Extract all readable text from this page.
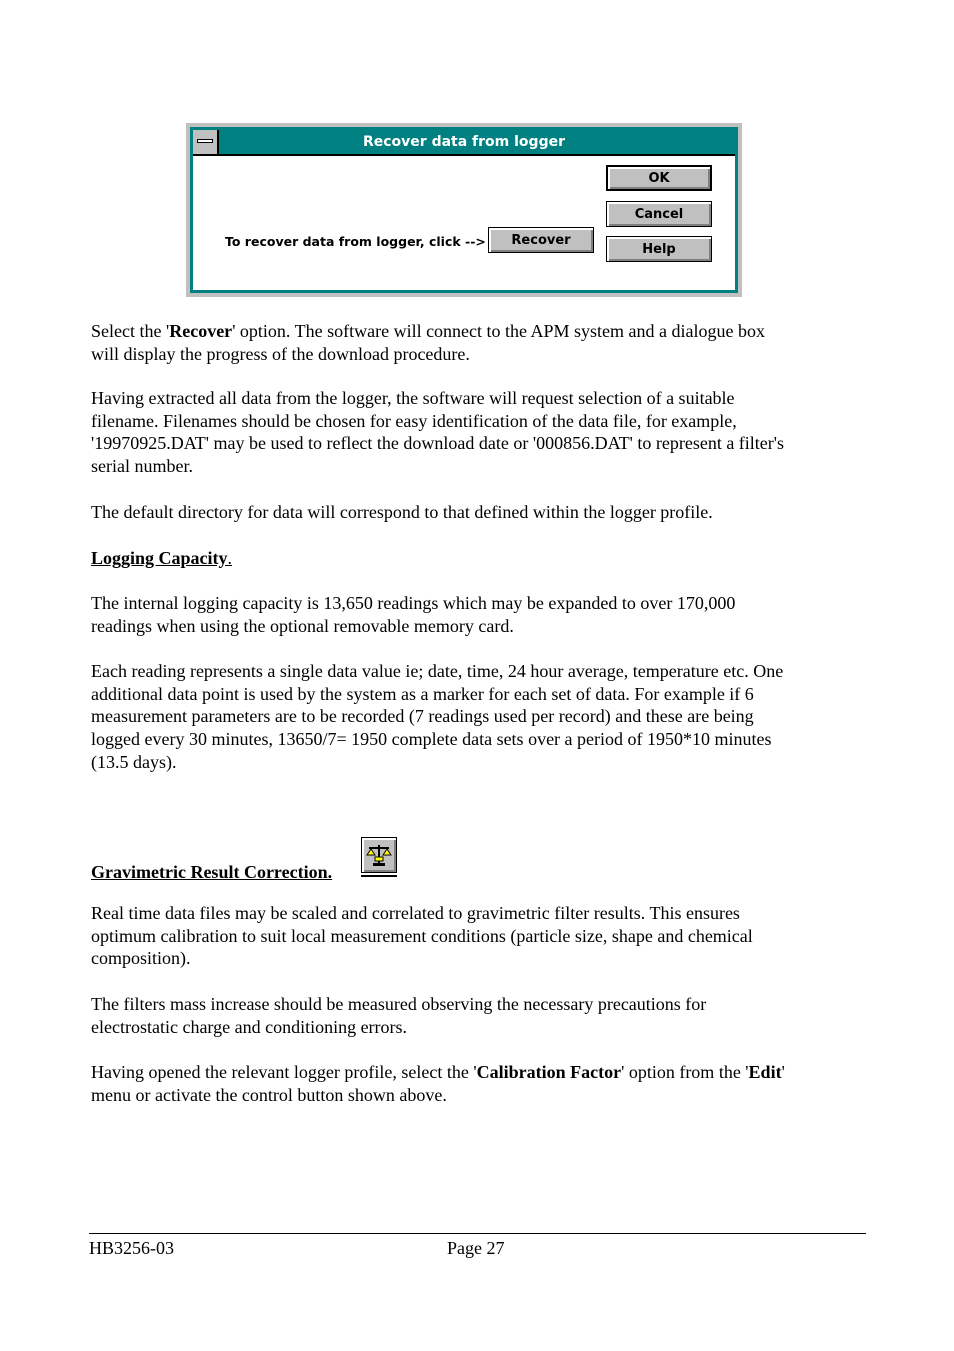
Recover data from logger
To recover data from logger, click -->	Recover
OK
Cancel
Help

Select the 'Recover' option. The software will connect to the APM system and a dialogue box
will display the progress of the download procedure.

Having extracted all data from the logger, the software will request selection of a suitable
filename. Filenames should be chosen for easy identification of the data file, for example,
'19970925.DAT' may be used to reflect the download date or '000856.DAT' to represent a filter's
serial number.

The default directory for data will correspond to that defined within the logger profile.

Logging Capacity.

The internal logging capacity is 13,650 readings which may be expanded to over 170,000
readings when using the optional removable memory card.

Each reading represents a single data value ie; date, time, 24 hour average, temperature etc. One
additional data point is used by the system as a marker for each set of data. For example if 6
measurement parameters are to be recorded (7 readings used per record) and these are being
logged every 30 minutes, 13650/7= 1950 complete data sets over a period of 1950*10 minutes
(13.5 days).

Gravimetric Result Correction.

Real time data files may be scaled and correlated to gravimetric filter results. This ensures
optimum calibration to suit local measurement conditions (particle size, shape and chemical
composition).

The filters mass increase should be measured observing the necessary precautions for
electrostatic charge and conditioning errors.

Having opened the relevant logger profile, select the 'Calibration Factor' option from the 'Edit'
menu or activate the control button shown above.

HB3256-03	Page 27
